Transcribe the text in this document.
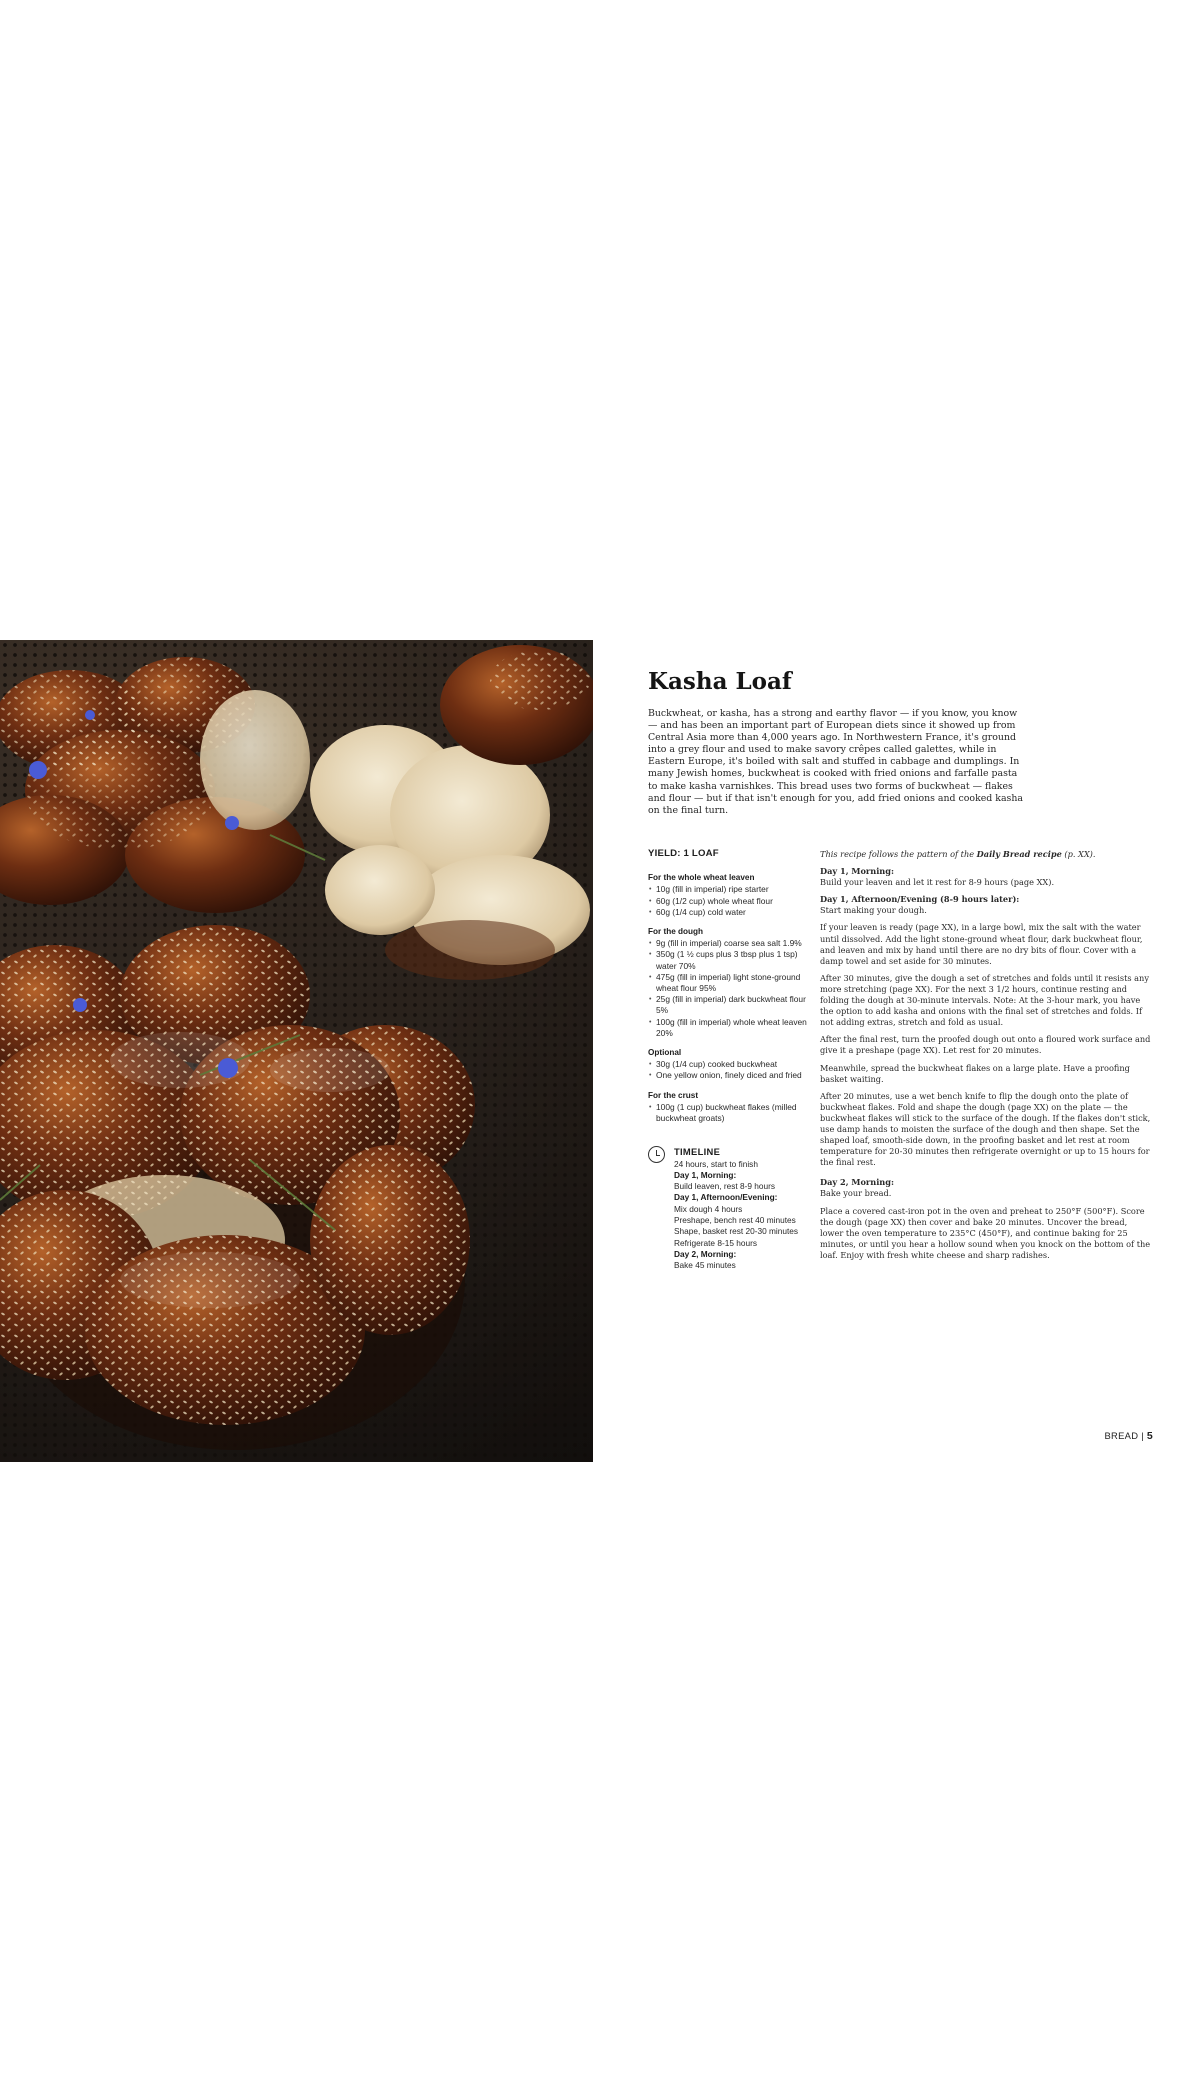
Kasha Loaf

Buckwheat, or kasha, has a strong and earthy flavor — if you know, you know — and has been an important part of European diets since it showed up from Central Asia more than 4,000 years ago. In Northwestern France, it's ground into a grey flour and used to make savory crêpes called galettes, while in Eastern Europe, it's boiled with salt and stuffed in cabbage and dumplings. In many Jewish homes, buckwheat is cooked with fried onions and farfalle pasta to make kasha varnishkes. This bread uses two forms of buckwheat — flakes and flour — but if that isn't enough for you, add fried onions and cooked kasha on the final turn.

YIELD: 1 LOAF
For the whole wheat leaven
• 10g (fill in imperial) ripe starter
• 60g (1/2 cup) whole wheat flour
• 60g (1/4 cup) cold water
For the dough
• 9g (fill in imperial) coarse sea salt 1.9%
• 350g (1 ½ cups plus 3 tbsp plus 1 tsp) water 70%
• 475g (fill in imperial) light stone-ground wheat flour 95%
• 25g (fill in imperial) dark buckwheat flour 5%
• 100g (fill in imperial) whole wheat leaven 20%
Optional
• 30g (1/4 cup) cooked buckwheat
• One yellow onion, finely diced and fried
For the crust
• 100g (1 cup) buckwheat flakes (milled buckwheat groats)
TIMELINE
24 hours, start to finish
Day 1, Morning:
Build leaven, rest 8-9 hours
Day 1, Afternoon/Evening:
Mix dough 4 hours
Preshape, bench rest 40 minutes
Shape, basket rest 20-30 minutes
Refrigerate 8-15 hours
Day 2, Morning:
Bake 45 minutes

This recipe follows the pattern of the Daily Bread recipe (p. XX).

Day 1, Morning:
Build your leaven and let it rest for 8-9 hours (page XX).

Day 1, Afternoon/Evening (8-9 hours later):
Start making your dough.

If your leaven is ready (page XX), in a large bowl, mix the salt with the water until dissolved. Add the light stone-ground wheat flour, dark buckwheat flour, and leaven and mix by hand until there are no dry bits of flour. Cover with a damp towel and set aside for 30 minutes.

After 30 minutes, give the dough a set of stretches and folds until it resists any more stretching (page XX). For the next 3 1/2 hours, continue resting and folding the dough at 30-minute intervals. Note: At the 3-hour mark, you have the option to add kasha and onions with the final set of stretches and folds. If not adding extras, stretch and fold as usual.

After the final rest, turn the proofed dough out onto a floured work surface and give it a preshape (page XX). Let rest for 20 minutes.

Meanwhile, spread the buckwheat flakes on a large plate. Have a proofing basket waiting.

After 20 minutes, use a wet bench knife to flip the dough onto the plate of buckwheat flakes. Fold and shape the dough (page XX) on the plate — the buckwheat flakes will stick to the surface of the dough. If the flakes don't stick, use damp hands to moisten the surface of the dough and then shape. Set the shaped loaf, smooth-side down, in the proofing basket and let rest at room temperature for 20-30 minutes then refrigerate overnight or up to 15 hours for the final rest.

Day 2, Morning:
Bake your bread.

Place a covered cast-iron pot in the oven and preheat to 250°F (500°F). Score the dough (page XX) then cover and bake 20 minutes. Uncover the bread, lower the oven temperature to 235°C (450°F), and continue baking for 25 minutes, or until you hear a hollow sound when you knock on the bottom of the loaf. Enjoy with fresh white cheese and sharp radishes.

BREAD | 5
